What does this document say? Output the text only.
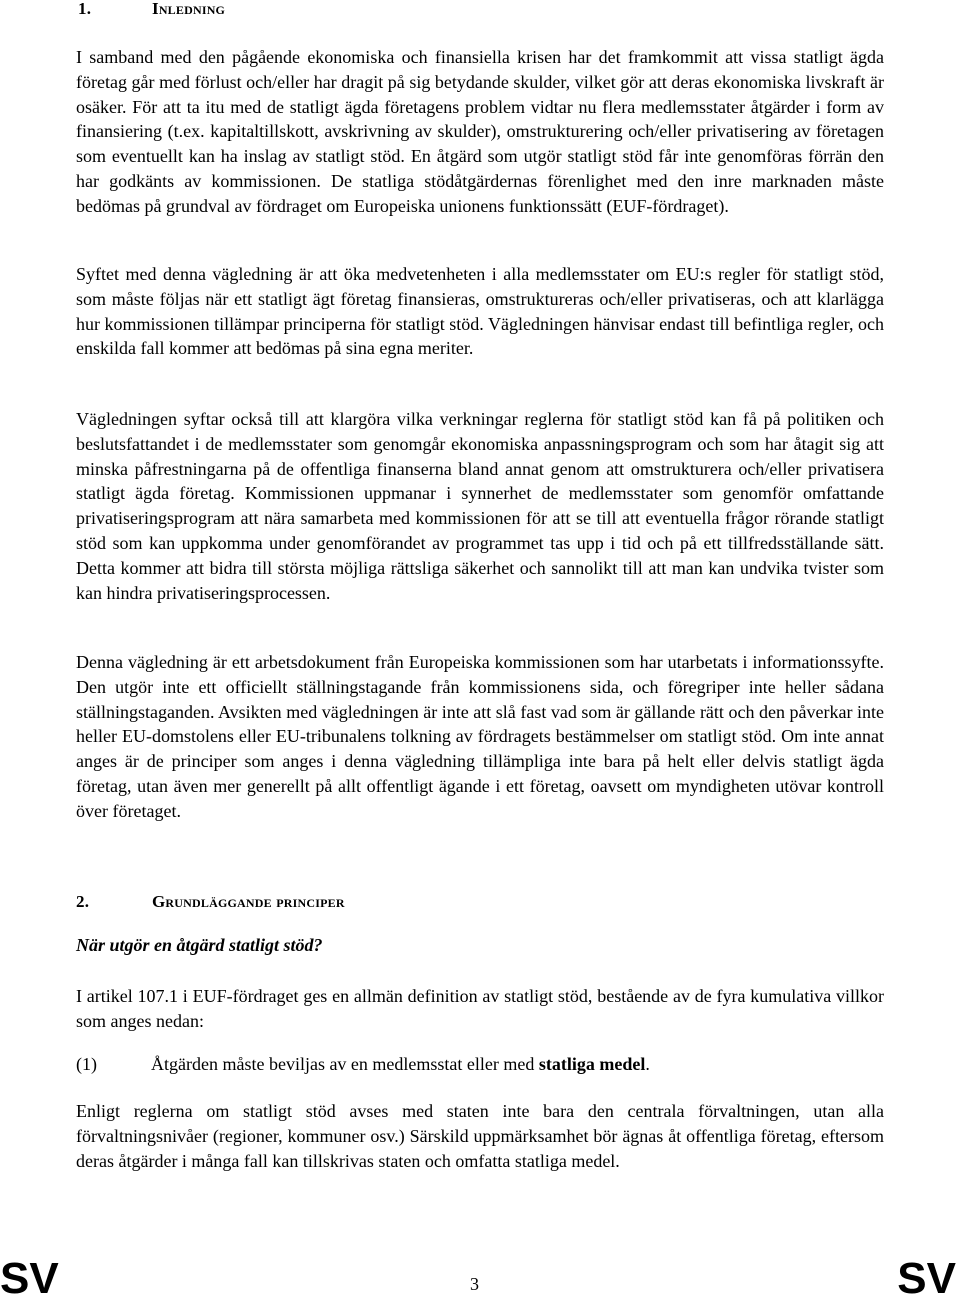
1.	Inledning

I samband med den pågående ekonomiska och finansiella krisen har det framkommit att vissa statligt ägda företag går med förlust och/eller har dragit på sig betydande skulder, vilket gör att deras ekonomiska livskraft är osäker. För att ta itu med de statligt ägda företagens problem vidtar nu flera medlemsstater åtgärder i form av finansiering (t.ex. kapitaltillskott, avskrivning av skulder), omstrukturering och/eller privatisering av företagen som eventuellt kan ha inslag av statligt stöd. En åtgärd som utgör statligt stöd får inte genomföras förrän den har godkänts av kommissionen. De statliga stödåtgärdernas förenlighet med den inre marknaden måste bedömas på grundval av fördraget om Europeiska unionens funktionssätt (EUF-fördraget).

Syftet med denna vägledning är att öka medvetenheten i alla medlemsstater om EU:s regler för statligt stöd, som måste följas när ett statligt ägt företag finansieras, omstruktureras och/eller privatiseras, och att klarlägga hur kommissionen tillämpar principerna för statligt stöd. Vägledningen hänvisar endast till befintliga regler, och enskilda fall kommer att bedömas på sina egna meriter.

Vägledningen syftar också till att klargöra vilka verkningar reglerna för statligt stöd kan få på politiken och beslutsfattandet i de medlemsstater som genomgår ekonomiska anpassningsprogram och som har åtagit sig att minska påfrestningarna på de offentliga finanserna bland annat genom att omstrukturera och/eller privatisera statligt ägda företag. Kommissionen uppmanar i synnerhet de medlemsstater som genomför omfattande privatiseringsprogram att nära samarbeta med kommissionen för att se till att eventuella frågor rörande statligt stöd som kan uppkomma under genomförandet av programmet tas upp i tid och på ett tillfredsställande sätt. Detta kommer att bidra till största möjliga rättsliga säkerhet och sannolikt till att man kan undvika tvister som kan hindra privatiseringsprocessen.

Denna vägledning är ett arbetsdokument från Europeiska kommissionen som har utarbetats i informationssyfte. Den utgör inte ett officiellt ställningstagande från kommissionens sida, och föregriper inte heller sådana ställningstaganden. Avsikten med vägledningen är inte att slå fast vad som är gällande rätt och den påverkar inte heller EU-domstolens eller EU-tribunalens tolkning av fördragets bestämmelser om statligt stöd. Om inte annat anges är de principer som anges i denna vägledning tillämpliga inte bara på helt eller delvis statligt ägda företag, utan även mer generellt på allt offentligt ägande i ett företag, oavsett om myndigheten utövar kontroll över företaget.

2.	Grundläggande principer
När utgör en åtgärd statligt stöd?

I artikel 107.1 i EUF-fördraget ges en allmän definition av statligt stöd, bestående av de fyra kumulativa villkor som anges nedan:

(1)	Åtgärden måste beviljas av en medlemsstat eller med statliga medel.

Enligt reglerna om statligt stöd avses med staten inte bara den centrala förvaltningen, utan alla förvaltningsnivåer (regioner, kommuner osv.) Särskild uppmärksamhet bör ägnas åt offentliga företag, eftersom deras åtgärder i många fall kan tillskrivas staten och omfatta statliga medel.

SV	3	SV
